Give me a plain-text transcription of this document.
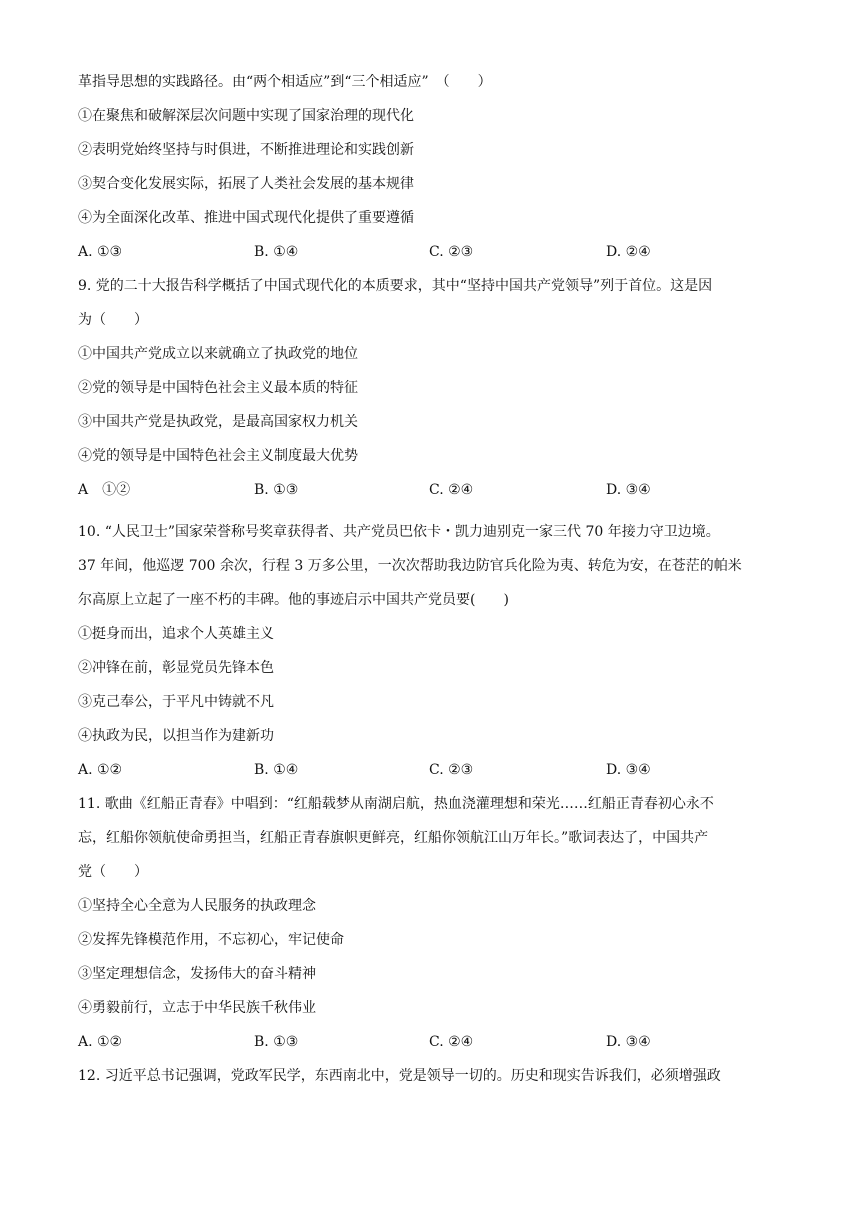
革指导思想的实践路径。由“两个相适应”到“三个相适应”　（　　）
①在聚焦和破解深层次问题中实现了国家治理的现代化
②表明党始终坚持与时俱进，不断推进理论和实践创新
③契合变化发展实际，拓展了人类社会发展的基本规律
④为全面深化改革、推进中国式现代化提供了重要遵循
A. ①③	B. ①④	C. ②③	D. ②④
9. 党的二十大报告科学概括了中国式现代化的本质要求，其中“坚持中国共产党领导”列于首位。这是因
为（　　）
①中国共产党成立以来就确立了执政党的地位
②党的领导是中国特色社会主义最本质的特征
③中国共产党是执政党，是最高国家权力机关
④党的领导是中国特色社会主义制度最大优势
A　①②	B. ①③	C. ②④	D. ③④
10. “人民卫士”国家荣誉称号奖章获得者、共产党员巴依卡・凯力迪别克一家三代 70 年接力守卫边境。
37 年间，他巡逻 700 余次，行程 3 万多公里，一次次帮助我边防官兵化险为夷、转危为安，在苍茫的帕米
尔高原上立起了一座不朽的丰碑。他的事迹启示中国共产党员要(　　)
①挺身而出，追求个人英雄主义
②冲锋在前，彰显党员先锋本色
③克己奉公，于平凡中铸就不凡
④执政为民，以担当作为建新功
A. ①②	B. ①④	C. ②③	D. ③④
11. 歌曲《红船正青春》中唱到：“红船载梦从南湖启航，热血浇灌理想和荣光……红船正青春初心永不
忘，红船你领航使命勇担当，红船正青春旗帜更鲜亮，红船你领航江山万年长。”歌词表达了，中国共产
党（　　）
①坚持全心全意为人民服务的执政理念
②发挥先锋模范作用，不忘初心，牢记使命
③坚定理想信念，发扬伟大的奋斗精神
④勇毅前行，立志于中华民族千秋伟业
A. ①②	B. ①③	C. ②④	D. ③④
12. 习近平总书记强调，党政军民学，东西南北中，党是领导一切的。历史和现实告诉我们，必须增强政
